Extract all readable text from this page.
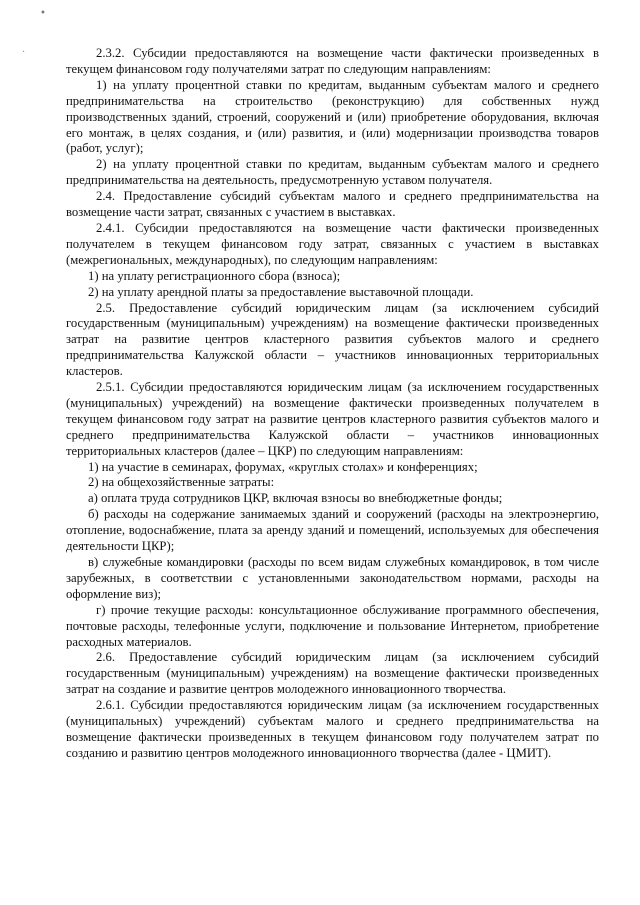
•
·	2.3.2. Субсидии предоставляются на возмещение части фактически произведенных в текущем финансовом году получателями затрат по следующим направлениям:

1) на уплату процентной ставки по кредитам, выданным субъектам малого и среднего предпринимательства на строительство (реконструкцию) для собственных нужд производственных зданий, строений, сооружений и (или) приобретение оборудования, включая его монтаж, в целях создания, и (или) развития, и (или) модернизации производства товаров (работ, услуг);

2) на уплату процентной ставки по кредитам, выданным субъектам малого и среднего предпринимательства на деятельность, предусмотренную уставом получателя.

2.4. Предоставление субсидий субъектам малого и среднего предпринимательства на возмещение части затрат, связанных с участием в выставках.

2.4.1. Субсидии предоставляются на возмещение части фактически произведенных получателем в текущем финансовом году затрат, связанных с участием в выставках (межрегиональных, международных), по следующим направлениям:

1) на уплату регистрационного сбора (взноса);

2) на уплату арендной платы за предоставление выставочной площади.

2.5. Предоставление субсидий юридическим лицам (за исключением субсидий государственным (муниципальным) учреждениям) на возмещение фактически произведенных затрат на развитие центров кластерного развития субъектов малого и среднего предпринимательства Калужской области – участников инновационных территориальных кластеров.

2.5.1. Субсидии предоставляются юридическим лицам (за исключением государственных (муниципальных) учреждений) на возмещение фактически произведенных получателем в текущем финансовом году затрат на развитие центров кластерного развития субъектов малого и среднего предпринимательства Калужской области – участников инновационных территориальных кластеров (далее – ЦКР) по следующим направлениям:

1) на участие в семинарах, форумах, «круглых столах» и конференциях;

2) на общехозяйственные затраты:

а) оплата труда сотрудников ЦКР, включая взносы во внебюджетные фонды;

б) расходы на содержание занимаемых зданий и сооружений (расходы на электроэнергию, отопление, водоснабжение, плата за аренду зданий и помещений, используемых для обеспечения деятельности ЦКР);

в) служебные командировки (расходы по всем видам служебных командировок, в том числе зарубежных, в соответствии с установленными законодательством нормами, расходы на оформление виз);

г) прочие текущие расходы: консультационное обслуживание программного обеспечения, почтовые расходы, телефонные услуги, подключение и пользование Интернетом, приобретение расходных материалов.

2.6. Предоставление субсидий юридическим лицам (за исключением субсидий государственным (муниципальным) учреждениям) на возмещение фактически произведенных затрат на создание и развитие центров молодежного инновационного творчества.

2.6.1. Субсидии предоставляются юридическим лицам (за исключением государственных (муниципальных) учреждений) субъектам малого и среднего предпринимательства на возмещение фактически произведенных в текущем финансовом году получателем затрат по созданию и развитию центров молодежного инновационного творчества (далее - ЦМИТ).
